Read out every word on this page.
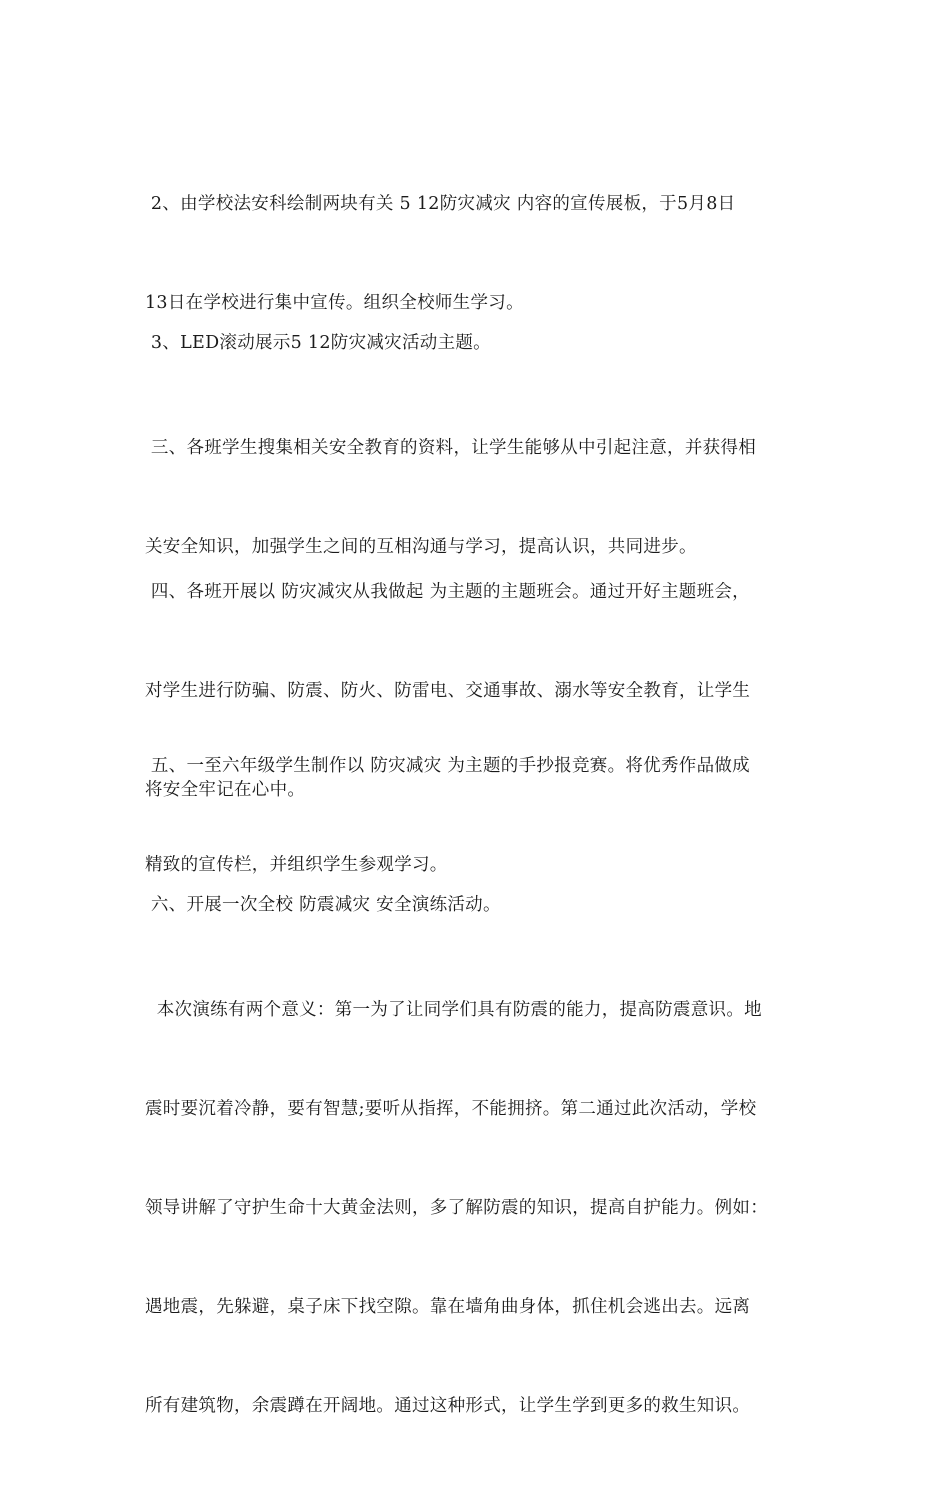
2、由学校法安科绘制两块有关 5 12防灾减灾 内容的宣传展板，于5月8日

13日在学校进行集中宣传。组织全校师生学习。

3、LED滚动展示5 12防灾减灾活动主题。

三、各班学生搜集相关安全教育的资料，让学生能够从中引起注意，并获得相

关安全知识，加强学生之间的互相沟通与学习，提高认识，共同进步。

四、各班开展以 防灾减灾从我做起 为主题的主题班会。通过开好主题班会，

对学生进行防骗、防震、防火、防雷电、交通事故、溺水等安全教育，让学生

将安全牢记在心中。

五、一至六年级学生制作以 防灾减灾 为主题的手抄报竞赛。将优秀作品做成

精致的宣传栏，并组织学生参观学习。

六、开展一次全校 防震减灾 安全演练活动。

本次演练有两个意义：第一为了让同学们具有防震的能力，提高防震意识。地

震时要沉着冷静，要有智慧;要听从指挥，不能拥挤。第二通过此次活动，学校

领导讲解了守护生命十大黄金法则，多了解防震的知识，提高自护能力。例如：

遇地震，先躲避，桌子床下找空隙。靠在墙角曲身体，抓住机会逃出去。远离

所有建筑物，余震蹲在开阔地。通过这种形式，让学生学到更多的救生知识。
